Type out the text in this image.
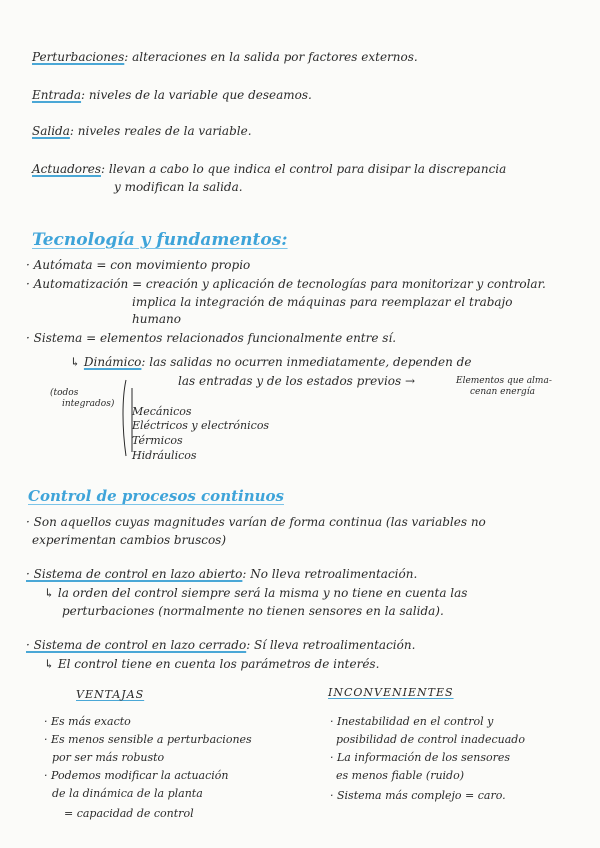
Perturbaciones: alteraciones en la salida por factores externos.
Entrada: niveles de la variable que deseamos.
Salida: niveles reales de la variable.
Actuadores: llevan a cabo lo que indica el control para disipar la discrepancia
y modifican la salida.
Tecnología y fundamentos:
· Autómata = con movimiento propio
· Automatización = creación y aplicación de tecnologías para monitorizar y controlar.
implica la integración de máquinas para reemplazar el trabajo
humano
· Sistema = elementos relacionados funcionalmente entre sí.
↳ Dinámico: las salidas no ocurren inmediatamente, dependen de
las entradas y de los estados previos →	Elementos que alma-
cenan energía
(todos
integrados)
Mecánicos
Eléctricos y electrónicos
Térmicos
Hidráulicos
Control de procesos continuos
· Son aquellos cuyas magnitudes varían de forma continua (las variables no
experimentan cambios bruscos)
· Sistema de control en lazo abierto: No lleva retroalimentación.
↳ la orden del control siempre será la misma y no tiene en cuenta las
perturbaciones (normalmente no tienen sensores en la salida).
· Sistema de control en lazo cerrado: Sí lleva retroalimentación.
↳ El control tiene en cuenta los parámetros de interés.
VENTAJAS
· Es más exacto
· Es menos sensible a perturbaciones
por ser más robusto
· Podemos modificar la actuación
de la dinámica de la planta
= capacidad de control
INCONVENIENTES
· Inestabilidad en el control y
posibilidad de control inadecuado
· La información de los sensores
es menos fiable (ruido)
· Sistema más complejo = caro.
